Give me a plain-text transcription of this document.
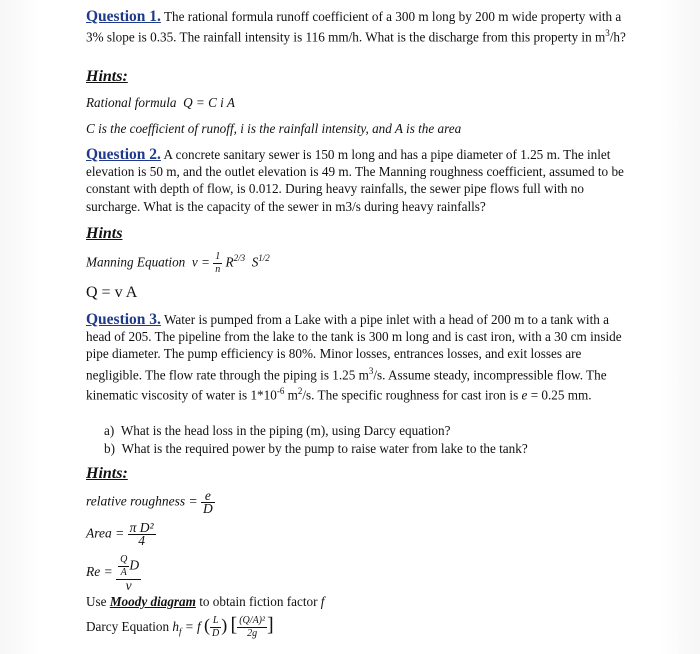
Question 1. The rational formula runoff coefficient of a 300 m long by 200 m wide property with a 3% slope is 0.35. The rainfall intensity is 116 mm/h. What is the discharge from this property in $m^3/h$?

Hints:
Rational formula Q = C i A
C is the coefficient of runoff, i is the rainfall intensity, and A is the area

Question 2. A concrete sanitary sewer is 150 m long and has a pipe diameter of 1.25 m. The inlet elevation is 50 m, and the outlet elevation is 49 m. The Manning roughness coefficient, assumed to be constant with depth of flow, is 0.012. During heavy rainfalls, the sewer pipe flows full with no surcharge. What is the capacity of the sewer in m3/s during heavy rainfalls?

Hints
Manning Equation $v = \frac{1}{n} R^{2/3}$ $S^{1/2}$
Q = v A

Question 3. Water is pumped from a Lake with a pipe inlet with a head of 200 m to a tank with a head of 205. The pipeline from the lake to the tank is 300 m long and is cast iron, with a 30 cm inside pipe diameter. The pump efficiency is 80%. Minor losses, entrances losses, and exit losses are negligible. The flow rate through the piping is 1.25 $m^3/s$. Assume steady, incompressible flow. The kinematic viscosity of water is $1*10^{-6}$ $m^2/s$. The specific roughness for cast iron is e = 0.25 mm.

a)  What is the head loss in the piping (m), using Darcy equation?
b)  What is the required power by the pump to raise water from lake to the tank?
Hints:
relative roughness = $\frac{e}{D}$
Area = $\frac{\text{π D²}}{4}$
$Re = \frac{\frac{Q}{A} D}{v}$
Use Moody diagram to obtain fiction factor f
Darcy Equation $h_f = f$ ( $\frac{L}{D}$ ) [ $\frac{\text{(Q/A)²}}{2g}$ ]
